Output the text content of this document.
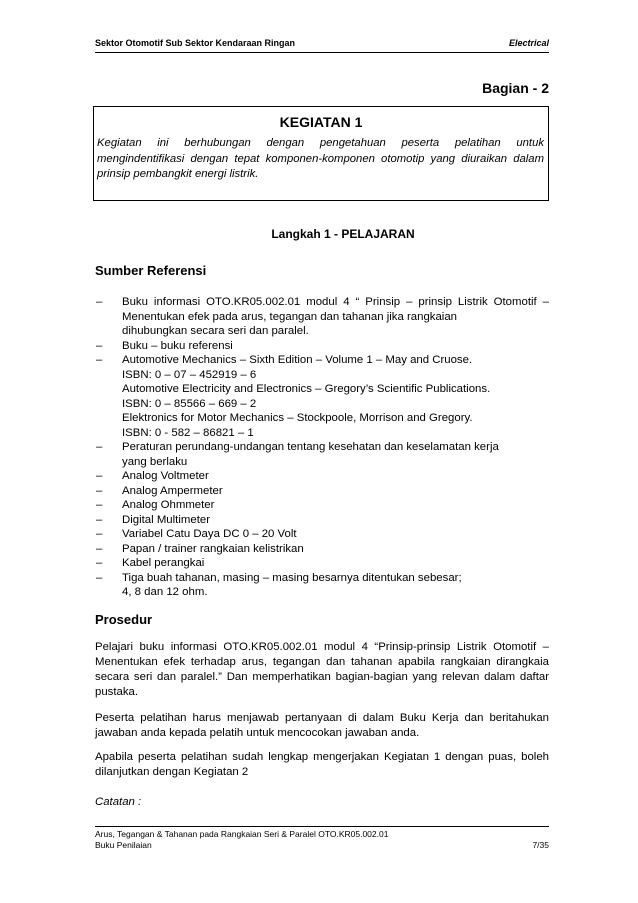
Sektor Otomotif Sub Sektor Kendaraan Ringan	Electrical
Bagian - 2
KEGIATAN 1
Kegiatan ini berhubungan dengan pengetahuan peserta pelatihan untuk mengindentifikasi dengan tepat komponen-komponen otomotip yang diuraikan dalam prinsip pembangkit energi listrik.
Langkah 1 - PELAJARAN
Sumber Referensi
– Buku informasi OTO.KR05.002.01 modul 4 “ Prinsip – prinsip Listrik Otomotif – Menentukan efek pada arus, tegangan dan tahanan jika rangkaian
dihubungkan secara seri dan paralel.
– Buku – buku referensi
– Automotive Mechanics – Sixth Edition – Volume 1 – May and Cruose.
ISBN: 0 – 07 – 452919 – 6
Automotive Electricity and Electronics – Gregory’s Scientific Publications.
ISBN: 0 – 85566 – 669 – 2
Elektronics for Motor Mechanics – Stockpoole, Morrison and Gregory.
ISBN: 0 - 582 – 86821 – 1
– Peraturan perundang-undangan tentang kesehatan dan keselamatan kerja
yang berlaku
– Analog Voltmeter
– Analog Ampermeter
– Analog Ohmmeter
– Digital Multimeter
– Variabel Catu Daya DC 0 – 20 Volt
– Papan / trainer rangkaian kelistrikan
– Kabel perangkai
– Tiga buah tahanan, masing – masing besarnya ditentukan sebesar;
4, 8 dan 12 ohm.
Prosedur

Pelajari buku informasi OTO.KR05.002.01 modul 4 “Prinsip-prinsip Listrik Otomotif – Menentukan efek terhadap arus, tegangan dan tahanan apabila rangkaian dirangkaia secara seri dan paralel.” Dan memperhatikan bagian-bagian yang relevan dalam daftar pustaka.

Peserta pelatihan harus menjawab pertanyaan di dalam Buku Kerja dan beritahukan jawaban anda kepada pelatih untuk mencocokan jawaban anda.

Apabila peserta pelatihan sudah lengkap mengerjakan Kegiatan 1 dengan puas, boleh dilanjutkan dengan Kegiatan 2

Catatan :
Arus, Tegangan & Tahanan pada Rangkaian Seri & Paralel OTO.KR05.002.01
Buku Penilaian	7/35
